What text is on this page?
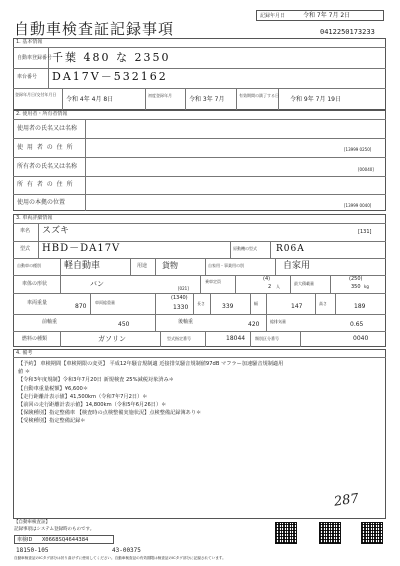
自動車検査証記録事項
記録年月日	令和 7年 7月 2日
0412250173233
1. 基本情報
自動車登録番号 千葉 480 な 2350
車台番号 DA17V－532162
登録年月日/交付年月日
令和 4年 4月 8日
初度登録年月
令和 3年 7月
有効期間の満了する日
令和 9年 7月 19日
2. 使用者・所有者情報
使用者の氏名又は名称
使 用 者 の 住 所	[13999 0250]
所有者の氏名又は名称	[00040]
所 有 者 の 住 所
使用の本拠の位置	[13999 0040]
3. 車両詳細情報
車名 スズキ	[131]
型式 HBD－DA17V	原動機の型式 R06A
自動車の種別	軽自動車	用途 貨物	自家用・事業用の別	自家用
車体の形状	バン
[021]
乗車定員	(4)
2 人
最大積載量
(250)
350 kg
車両重量	870
車両総重量
(1340)
1330
長さ	339	幅	147	高さ	189
前軸重	450	後軸重	420	総排気量	0.65
燃料の種類	ガソリン	型式指定番号	18044 類別区分番号	0040
4. 備考
【予約】 車検期間【車検期限の変更】 平成12年騒音規制適 近接排気騒音規制値97dB マフラー加速騒音規制適用
値 ＊
【令和3年度規制】令和3年7月20日 新規検査 25%減税対象済み＊
【自動車重量税額】¥6,600＊
【走行距離計表示値】41,500km（令和7年7月2日）＊
【前回の走行距離計表示値】14,800km（令和5年6月26日）＊
【保険種別】指定整備車 【検査時の点検整備実施状況】点検整備記録簿あり＊
【受検種別】指定整備記録＊
287
【自動車検査証】
記録事項はシステム登録時のものです。
車検ID X0668SQ4644384
18150-105	43-00375
自動車検査証のICタグ部分は折り曲げずに使用してください。自動車検査証の有効期限は検査証のICタグ部分に記録されています。
